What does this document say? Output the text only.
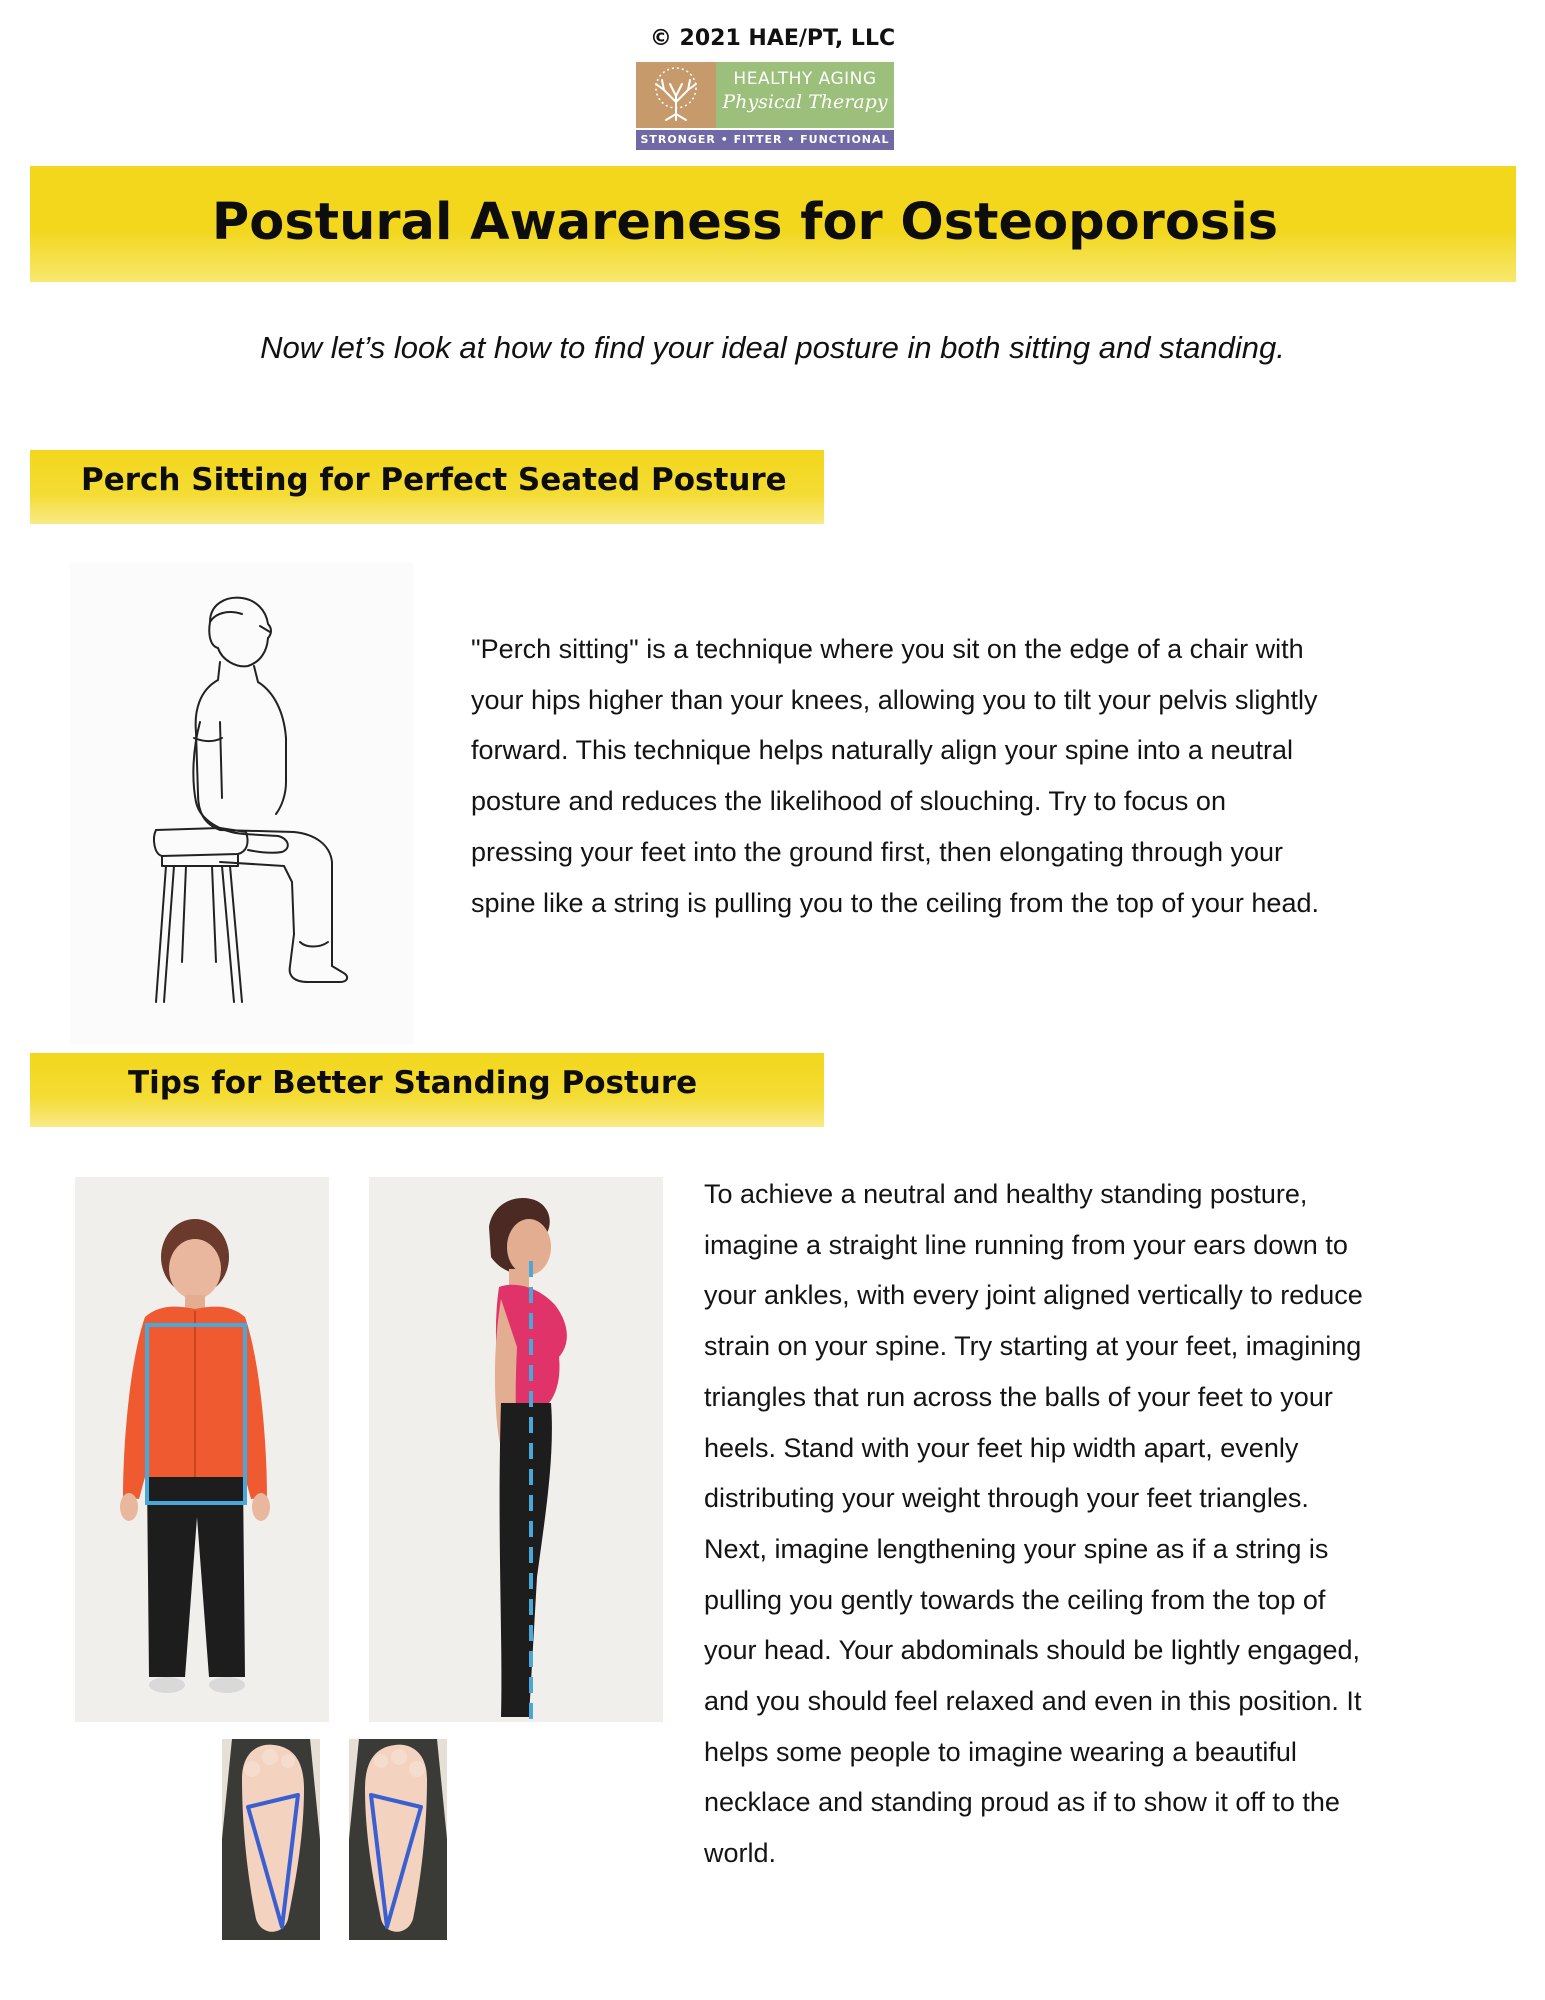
© 2021 HAE/PT, LLC
HEALTHY AGING
Physical Therapy
STRONGER • FITTER • FUNCTIONAL
Postural Awareness for Osteoporosis
Now let’s look at how to find your ideal posture in both sitting and standing.
Perch Sitting for Perfect Seated Posture
"Perch sitting" is a technique where you sit on the edge of a chair with
your hips higher than your knees, allowing you to tilt your pelvis slightly
forward. This technique helps naturally align your spine into a neutral
posture and reduces the likelihood of slouching. Try to focus on
pressing your feet into the ground first, then elongating through your
spine like a string is pulling you to the ceiling from the top of your head.
Tips for Better Standing Posture
To achieve a neutral and healthy standing posture,
imagine a straight line running from your ears down to
your ankles, with every joint aligned vertically to reduce
strain on your spine. Try starting at your feet, imagining
triangles that run across the balls of your feet to your
heels. Stand with your feet hip width apart, evenly
distributing your weight through your feet triangles.
Next, imagine lengthening your spine as if a string is
pulling you gently towards the ceiling from the top of
your head. Your abdominals should be lightly engaged,
and you should feel relaxed and even in this position. It
helps some people to imagine wearing a beautiful
necklace and standing proud as if to show it off to the
world.
